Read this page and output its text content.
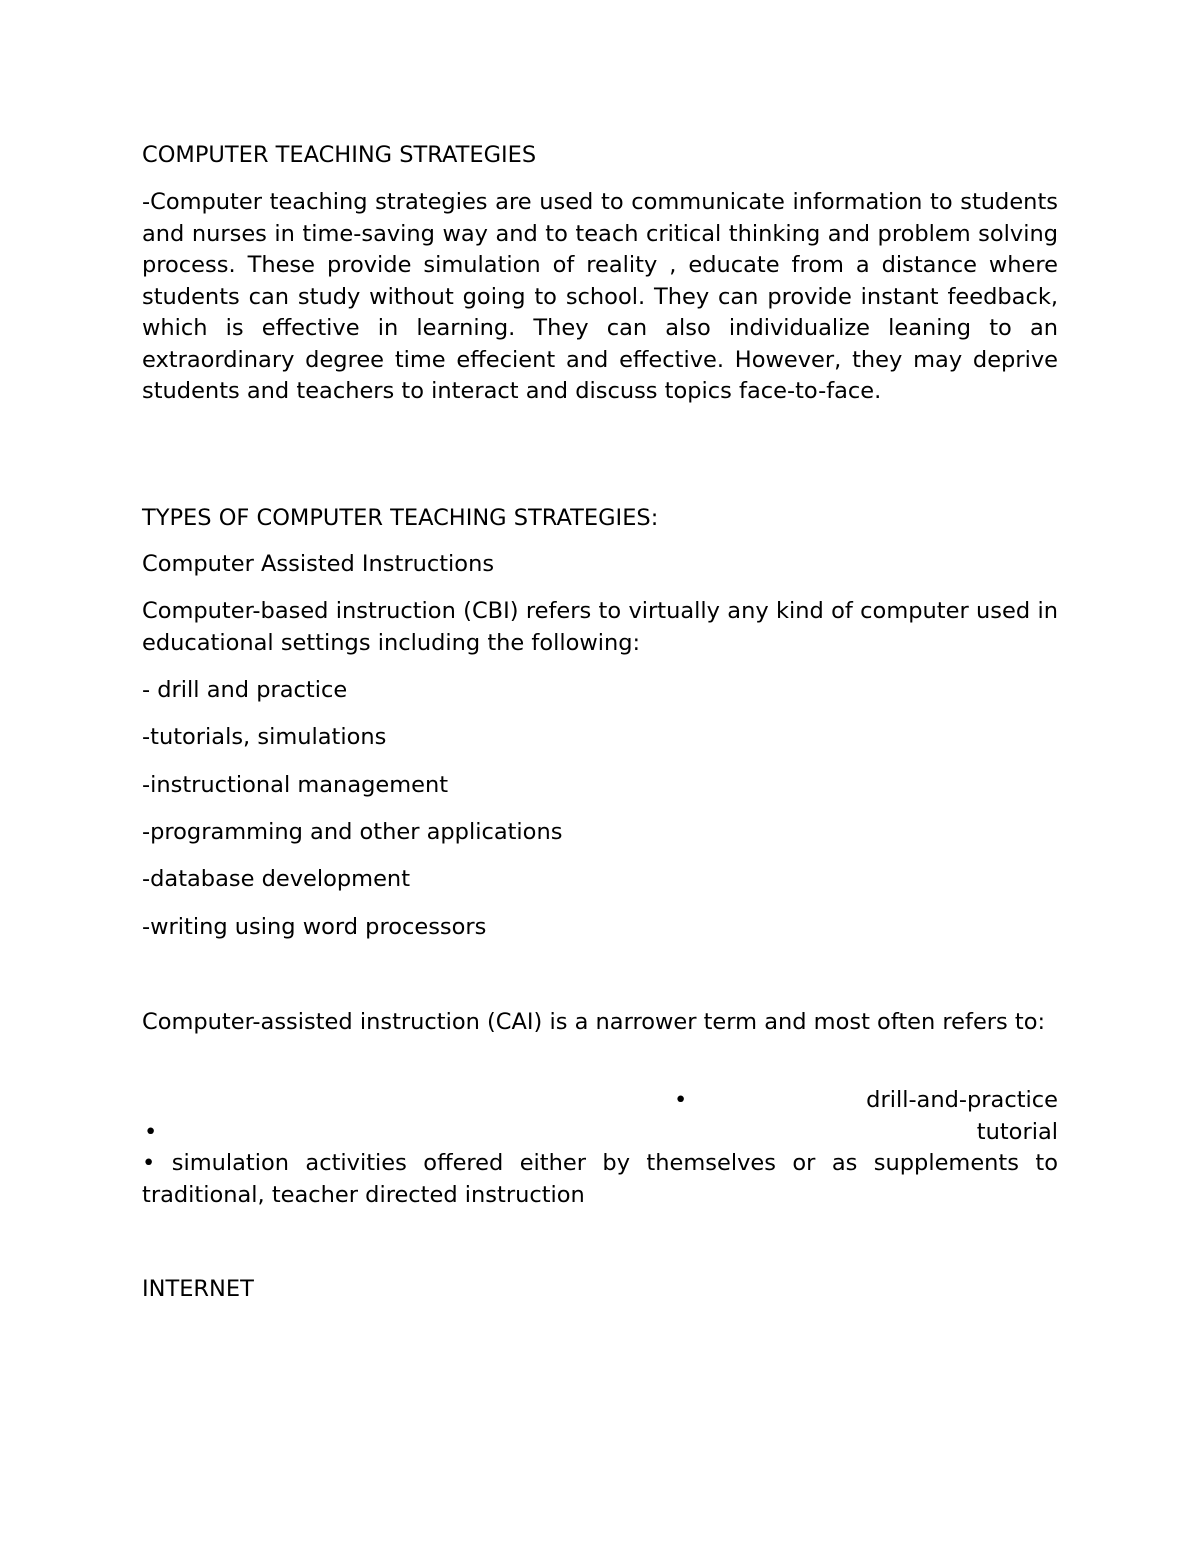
COMPUTER TEACHING STRATEGIES

-Computer teaching strategies are used to communicate information to students and nurses in time-saving way and to teach critical thinking and problem solving process. These provide simulation of reality , educate from a distance where students can study without going to school. They can provide instant feedback, which is effective in learning. They can also individualize leaning to an extraordinary degree time effecient and effective. However, they may deprive students and teachers to interact and discuss topics face-to-face.

TYPES OF COMPUTER TEACHING STRATEGIES:

Computer Assisted Instructions

Computer-based instruction (CBI) refers to virtually any kind of computer used in educational settings including the following:

- drill and practice

-tutorials, simulations

-instructional management

-programming and other applications

-database development

-writing using word processors

Computer-assisted instruction (CAI) is a narrower term and most often refers to:

•	drill-and-practice
•	tutorial
• simulation activities offered either by themselves or as supplements to traditional, teacher directed instruction

INTERNET
